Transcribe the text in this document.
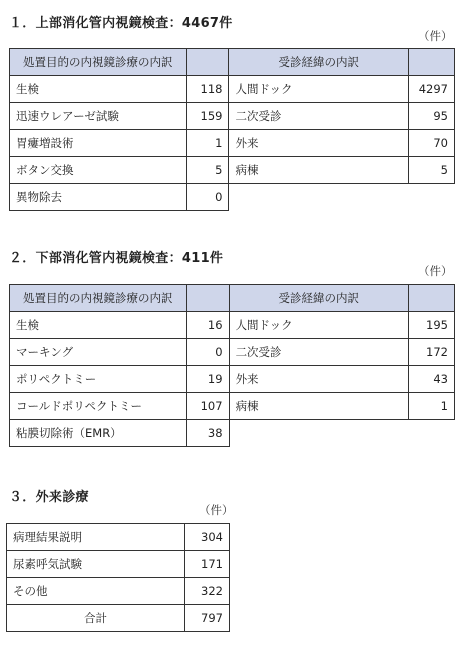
１．上部消化管内視鏡検査：4467件
（件）
処置目的の内視鏡診療の内訳		受診経緯の内訳	
生検	118	人間ドック	4297
迅速ウレアーゼ試験	159	二次受診	95
胃瘻増設術	1	外来	70
ボタン交換	5	病棟	5
異物除去	0		
２．下部消化管内視鏡検査：411件
（件）
処置目的の内視鏡診療の内訳		受診経緯の内訳	
生検	16	人間ドック	195
マーキング	0	二次受診	172
ポリペクトミー	19	外来	43
コールドポリペクトミー	107	病棟	1
粘膜切除術（EMR）	38		
３．外来診療
（件）
病理結果説明	304
尿素呼気試験	171
その他	322
合計	797
